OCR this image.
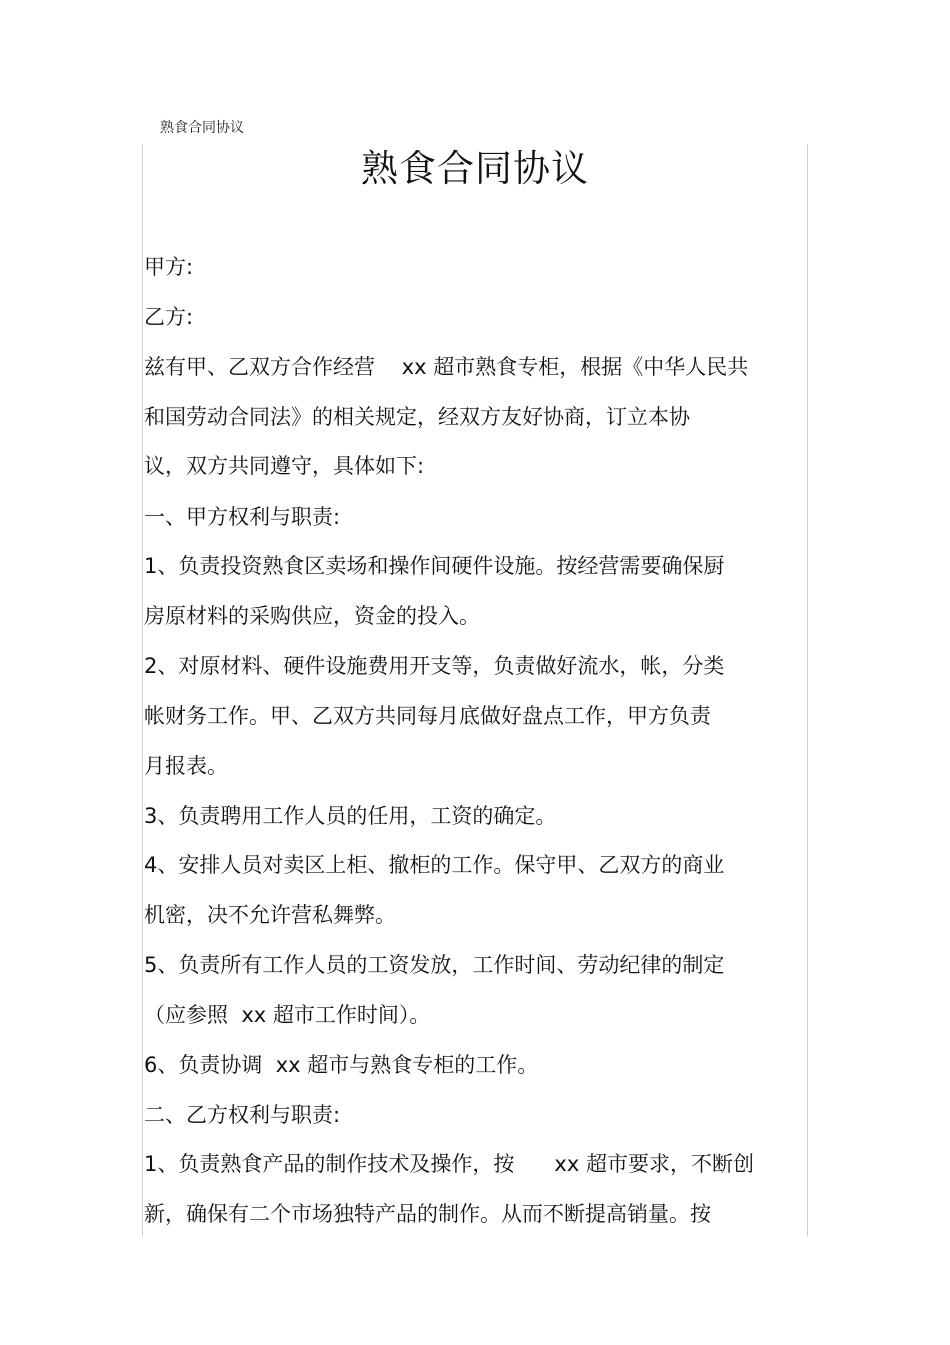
熟食合同协议
熟食合同协议
甲方:
乙方:
兹有甲、乙双方合作经营    xx 超市熟食专柜，根据《中华人民共
和国劳动合同法》的相关规定，经双方友好协商，订立本协
议，双方共同遵守，具体如下:
一、甲方权利与职责:
1、负责投资熟食区卖场和操作间硬件设施。按经营需要确保厨
房原材料的采购供应，资金的投入。
2、对原材料、硬件设施费用开支等，负责做好流水，帐，分类
帐财务工作。甲、乙双方共同每月底做好盘点工作，甲方负责
月报表。
3、负责聘用工作人员的任用，工资的确定。
4、安排人员对卖区上柜、撤柜的工作。保守甲、乙双方的商业
机密，决不允许营私舞弊。
5、负责所有工作人员的工资发放，工作时间、劳动纪律的制定
（应参照  xx 超市工作时间）。
6、负责协调  xx 超市与熟食专柜的工作。
二、乙方权利与职责:
1、负责熟食产品的制作技术及操作，按      xx 超市要求，不断创
新，确保有二个市场独特产品的制作。从而不断提高销量。按
